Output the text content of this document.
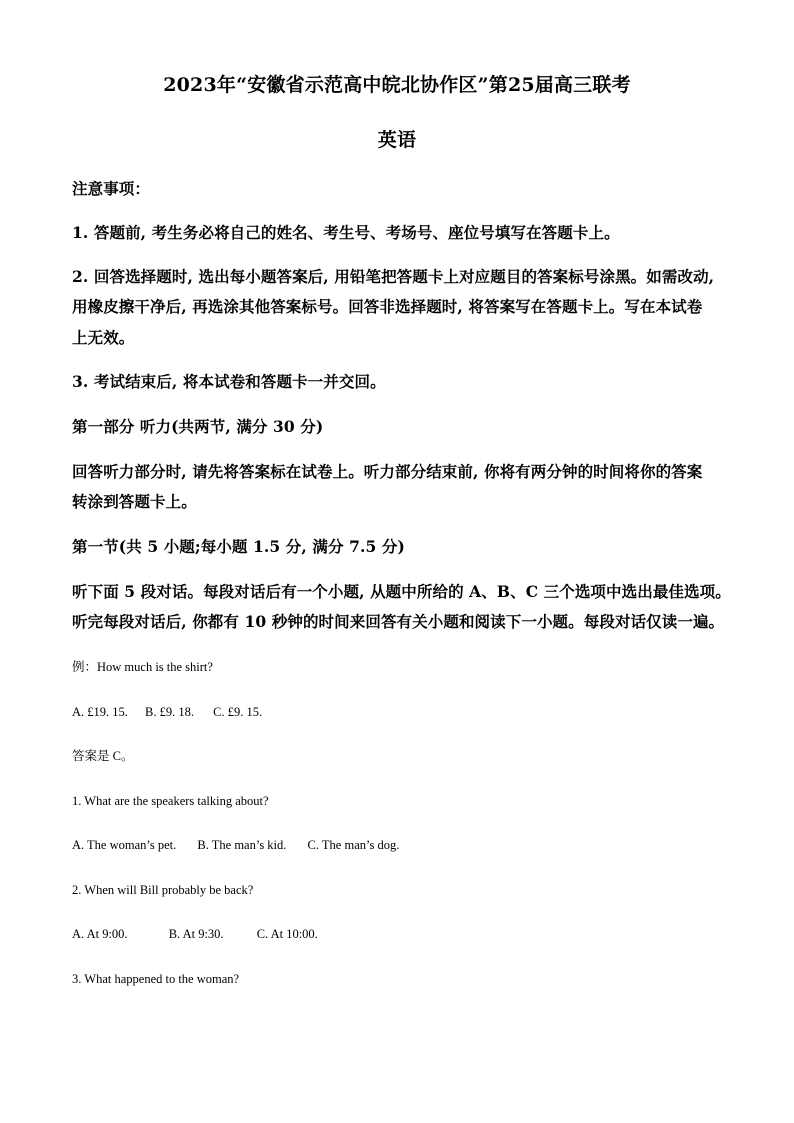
2023年“安徽省示范高中皖北协作区”第25届高三联考
英语
注意事项：
1. 答题前, 考生务必将自己的姓名、考生号、考场号、座位号填写在答题卡上。
2. 回答选择题时, 选出每小题答案后, 用铅笔把答题卡上对应题目的答案标号涂黑。如需改动,
用橡皮擦干净后, 再选涂其他答案标号。回答非选择题时, 将答案写在答题卡上。写在本试卷
上无效。
3. 考试结束后, 将本试卷和答题卡一并交回。
第一部分 听力(共两节, 满分 30 分)
回答听力部分时, 请先将答案标在试卷上。听力部分结束前, 你将有两分钟的时间将你的答案
转涂到答题卡上。
第一节(共 5 小题;每小题 1.5 分, 满分 7.5 分)
听下面 5 段对话。每段对话后有一个小题, 从题中所给的 A、B、C 三个选项中选出最佳选项。
听完每段对话后, 你都有 10 秒钟的时间来回答有关小题和阅读下一小题。每段对话仅读一遍。
例：How much is the shirt?
A. £19. 15. B. £9. 18. C. £9. 15.
答案是 C。
1. What are the speakers talking about?
A. The woman’s pet. B. The man’s kid. C. The man’s dog.
2. When will Bill probably be back?
A. At 9:00.	B. At 9:30.	C. At 10:00.
3. What happened to the woman?
